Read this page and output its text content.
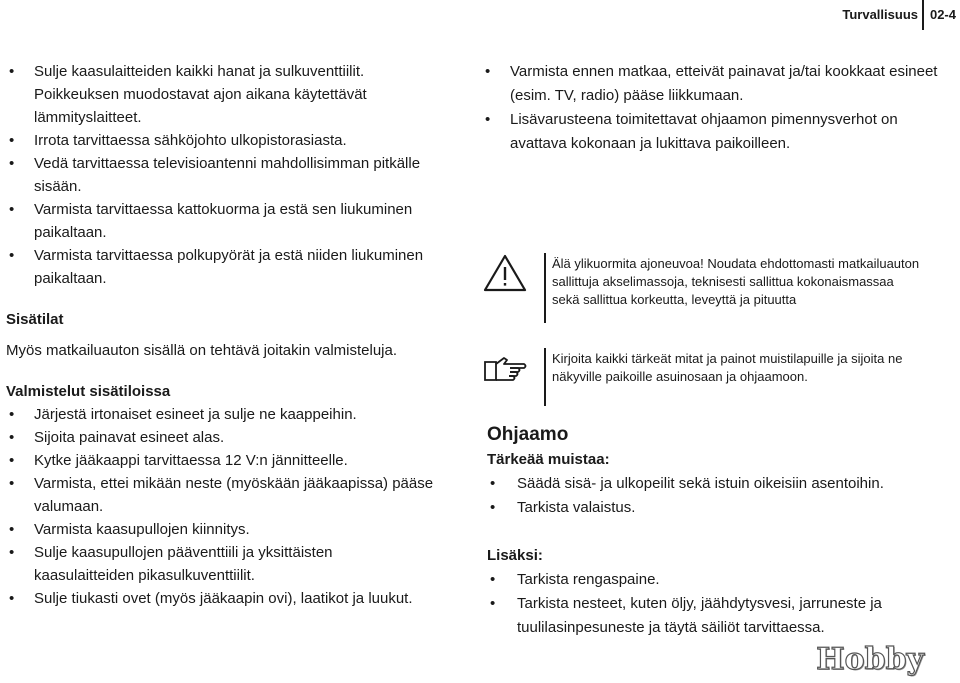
Turvallisuus 02-4
• Sulje kaasulaitteiden kaikki hanat ja sulkuventtiilit. Poikkeuksen muodostavat ajon aikana käytettävät lämmityslaitteet.
• Irrota tarvittaessa sähköjohto ulkopistorasiasta.
• Vedä tarvittaessa televisioantenni mahdollisimman pitkälle sisään.
• Varmista tarvittaessa kattokuorma ja estä sen liukuminen paikaltaan.
• Varmista tarvittaessa polkupyörät ja estä niiden liukuminen paikaltaan.

Sisätilat

Myös matkailuauton sisällä on tehtävä joitakin valmisteluja.

Valmistelut sisätiloissa

• Järjestä irtonaiset esineet ja sulje ne kaappeihin.
• Sijoita painavat esineet alas.
• Kytke jääkaappi tarvittaessa 12 V:n jännitteelle.
• Varmista, ettei mikään neste (myöskään jääkaapissa) pääse valumaan.
• Varmista kaasupullojen kiinnitys.
• Sulje kaasupullojen pääventtiili ja yksittäisten kaasulaitteiden pikasulkuventtiilit.
• Sulje tiukasti ovet (myös jääkaapin ovi), laatikot ja luukut.
• Varmista ennen matkaa, etteivät painavat ja/tai kookkaat esineet (esim. TV, radio) pääse liikkumaan.
• Lisävarusteena toimitettavat ohjaamon pimennysverhot on avattava kokonaan ja lukittava paikoilleen.
Älä ylikuormita ajoneuvoa! Noudata ehdottomasti matkailuauton sallittuja akselimassoja, teknisesti sallittua kokonaismassaa sekä sallittua korkeutta, leveyttä ja pituutta
Kirjoita kaikki tärkeät mitat ja painot muistilapuille ja sijoita ne näkyville paikoille asuinosaan ja ohjaamoon.

Ohjaamo

Tärkeää muistaa:

• Säädä sisä- ja ulkopeilit sekä istuin oikeisiin asentoihin.
• Tarkista valaistus.

Lisäksi:

• Tarkista rengaspaine.
• Tarkista nesteet, kuten öljy, jäähdytysvesi, jarruneste ja tuulilasinpesuneste ja täytä säiliöt tarvittaessa.
Hobby
